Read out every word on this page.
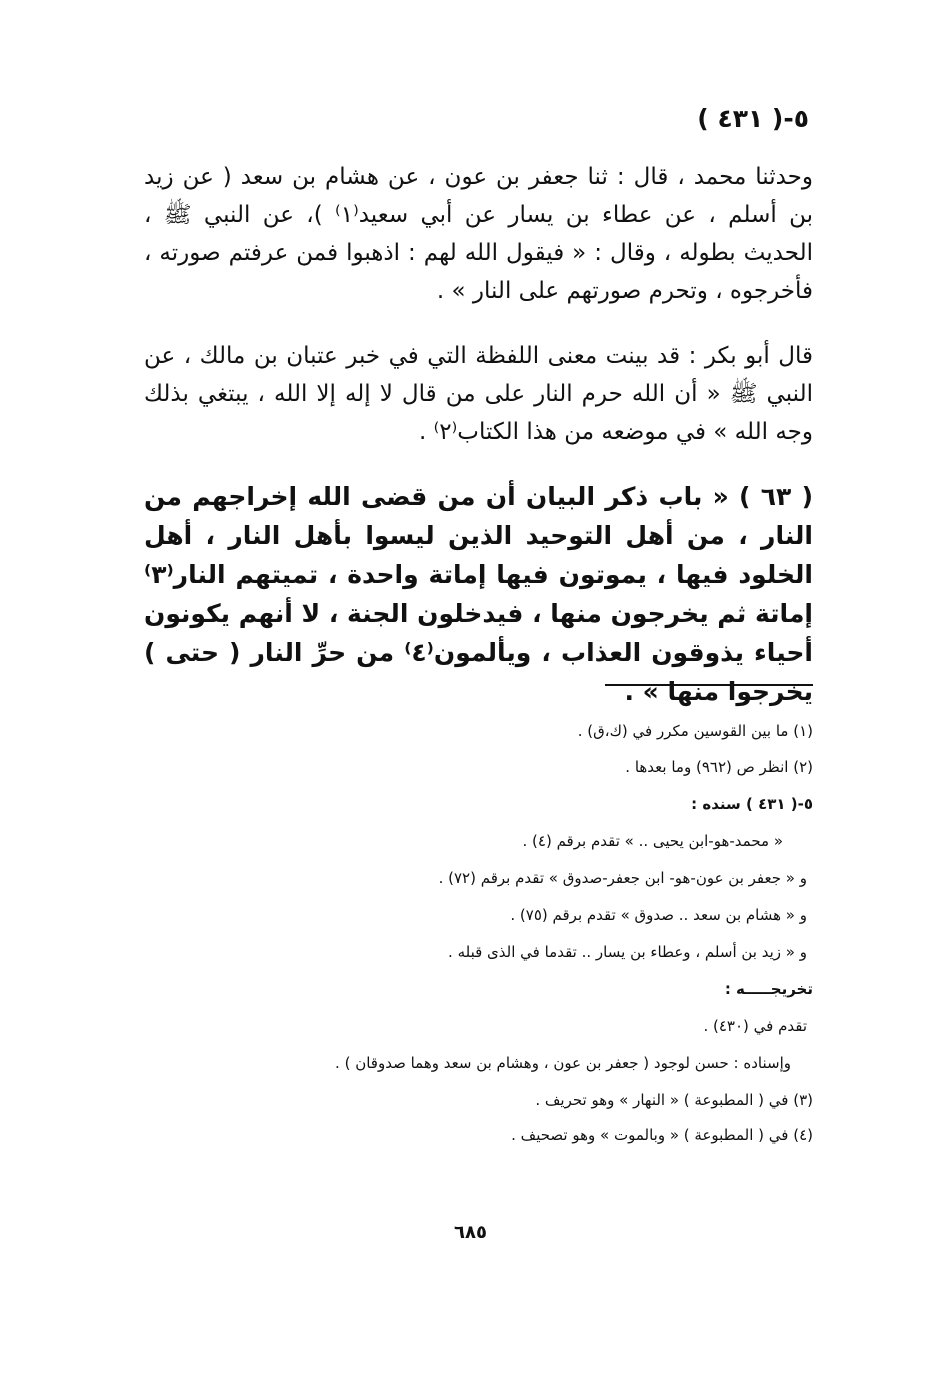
٥-( ٤٣١ )

وحدثنا محمد ، قال : ثنا جعفر بن عون ، عن هشام بن سعد ( عن زيد بن أسلم ، عن عطاء بن يسار عن أبي سعيد⁽١⁾ )، عن النبي ﷺ ، الحديث بطوله ، وقال : « فيقول الله لهم : اذهبوا فمن عرفتم صورته ، فأخرجوه ، وتحرم صورتهم على النار » .

قال أبو بكر : قد بينت معنى اللفظة التي في خبر عتبان بن مالك ، عن النبي ﷺ « أن الله حرم النار على من قال لا إله إلا الله ، يبتغي بذلك وجه الله » في موضعه من هذا الكتاب⁽٢⁾ .

( ٦٣ ) « باب ذكر البيان أن من قضى الله إخراجهم من النار ، من أهل التوحيد الذين ليسوا بأهل النار ، أهل الخلود فيها ، يموتون فيها إماتة واحدة ، تميتهم النار⁽٣⁾ إماتة ثم يخرجون منها ، فيدخلون الجنة ، لا أنهم يكونون أحياء يذوقون العذاب ، ويألمون⁽٤⁾ من حرِّ النار ( حتى ) يخرجوا منها » .

(١) ما بين القوسين مكرر في (ك،ق) .
(٢) انظر ص (٩٦٢) وما بعدها .
٥-( ٤٣١ ) سنده :
« محمد-هو-ابن يحيى .. » تقدم برقم (٤) .
و « جعفر بن عون-هو- ابن جعفر-صدوق » تقدم برقم (٧٢) .
و « هشام بن سعد .. صدوق » تقدم برقم (٧٥) .
و « زيد بن أسلم ، وعطاء بن يسار .. تقدما في الذى قبله .
تخريجـــــه :
تقدم في (٤٣٠) .
وإسناده : حسن لوجود ( جعفر بن عون ، وهشام بن سعد وهما صدوقان ) .
(٣) في ( المطبوعة ) « النهار » وهو تحريف .
(٤) في ( المطبوعة ) « وبالموت » وهو تصحيف .
٦٨٥
